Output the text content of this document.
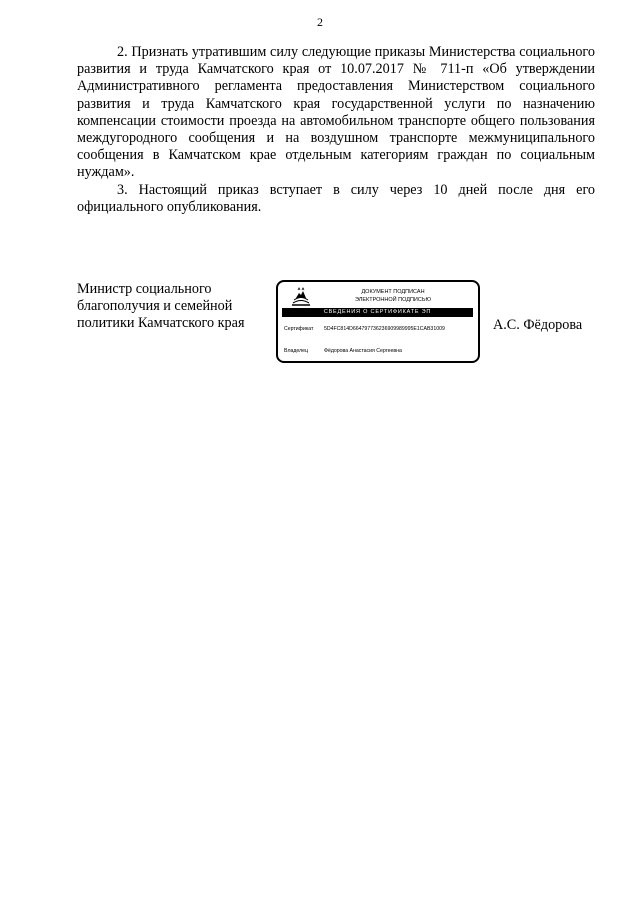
2

2. Признать утратившим силу следующие приказы Министерства социального развития и труда Камчатского края от 10.07.2017 № 711-п «Об утверждении Административного регламента предоставления Министерством социального развития и труда Камчатского края государственной услуги по назначению компенсации стоимости проезда на автомобильном транспорте общего пользования междугородного сообщения и на воздушном транспорте межмуниципального сообщения в Камчатском крае отдельным категориям граждан по социальным нуждам».

3. Настоящий приказ вступает в силу через 10 дней после дня его официального опубликования.

Министр социального благополучия и семейной политики Камчатского края
ДОКУМЕНТ ПОДПИСАН
ЭЛЕКТРОННОЙ ПОДПИСЬЮ
СВЕДЕНИЯ О СЕРТИФИКАТЕ ЭП
Сертификат 5D4FC814D664797736236909989995E1CAB31009
Владелец	Фёдорова Анастасия Сергеевна
А.С. Фёдорова
